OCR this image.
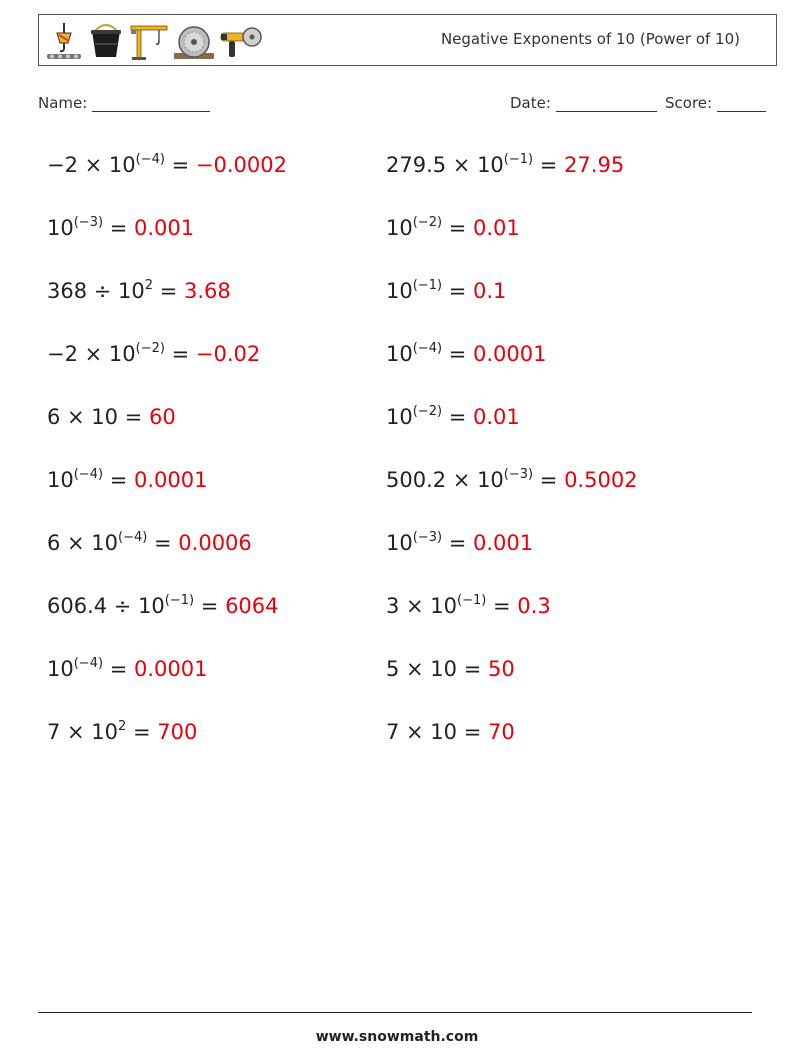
Negative Exponents of 10 (Power of 10)
Name:	Date:	Score:
$-2 \times 10^{(-4)} = -0.0002$	$279.5 \times 10^{(-1)} = 27.95$
$10^{(-3)} = 0.001$	$10^{(-2)} = 0.01$
$368 \div 10^2 = 3.68$	$10^{(-1)} = 0.1$
$-2 \times 10^{(-2)} = -0.02$	$10^{(-4)} = 0.0001$
6 × 10 = 60	$10^{(-2)} = 0.01$
$10^{(-4)} = 0.0001$	$500.2 \times 10^{(-3)} = 0.5002$
$6 \times 10^{(-4)} = 0.0006$	$10^{(-3)} = 0.001$
$606.4 \div 10^{(-1)} = 6064$	$3 \times 10^{(-1)} = 0.3$
$10^{(-4)} = 0.0001$	5 × 10 = 50
$7 \times 10^2 = 700$	7 × 10 = 70
www.snowmath.com
